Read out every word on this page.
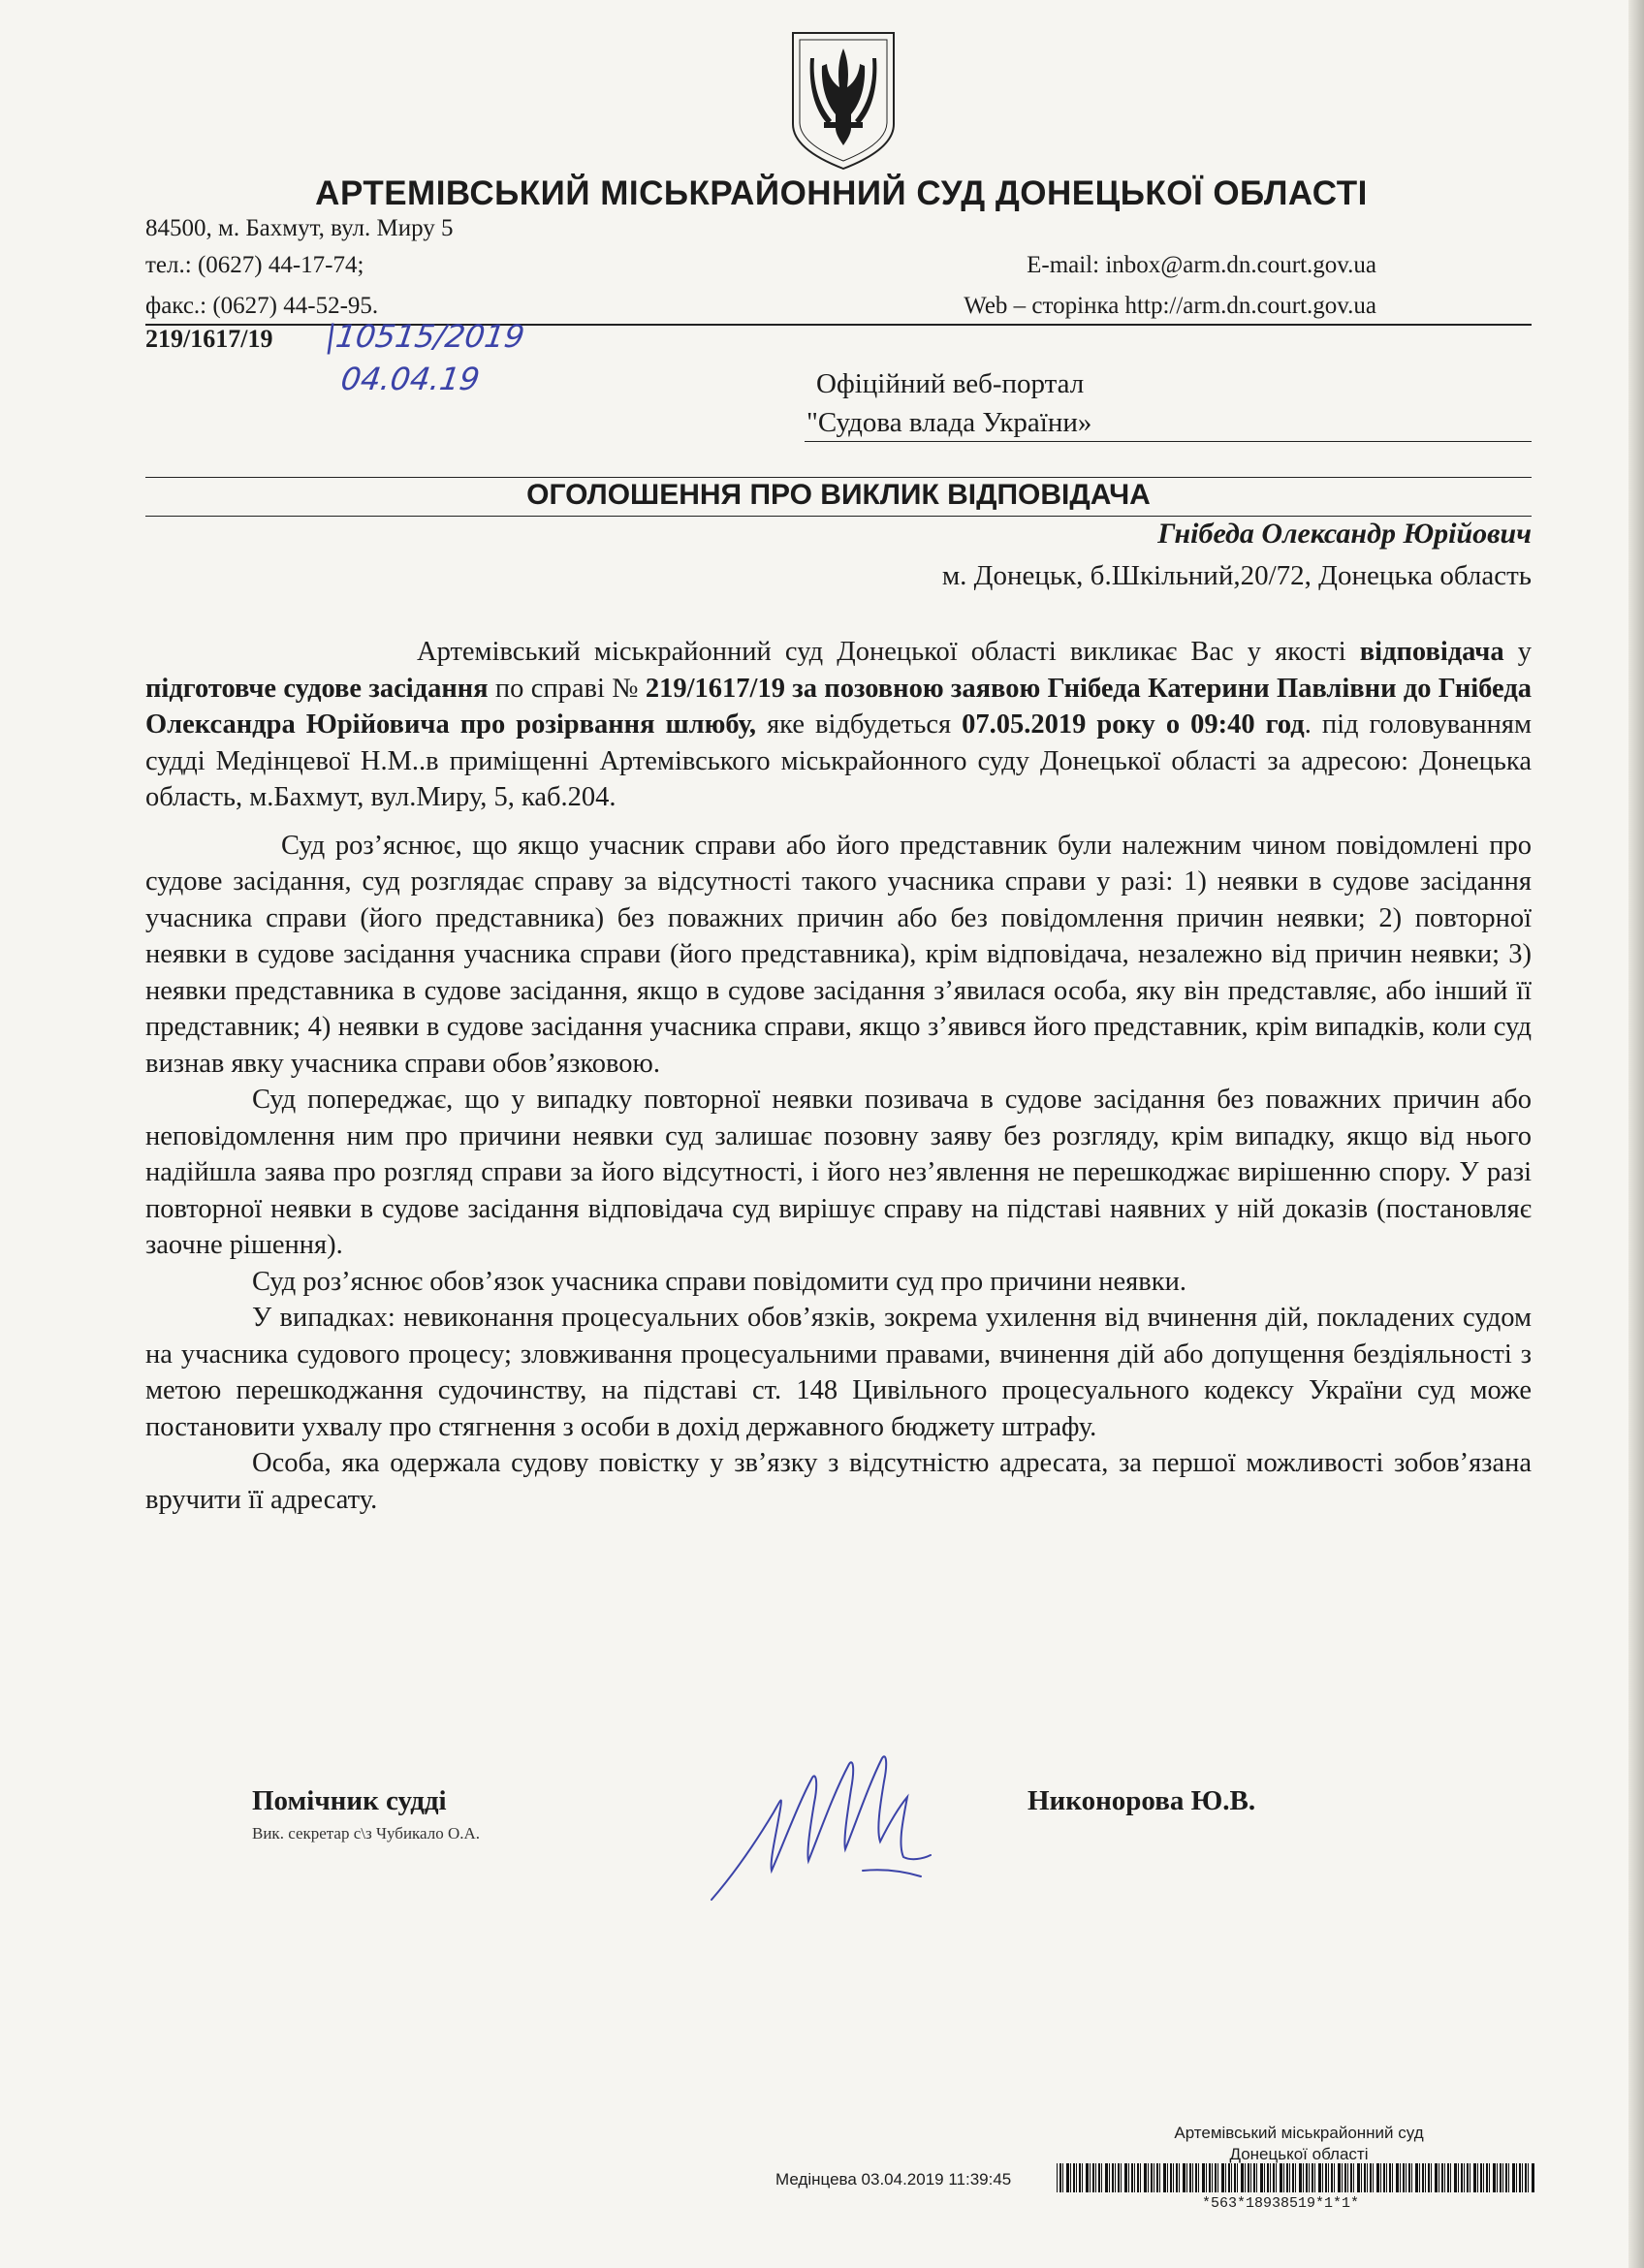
АРТЕМІВСЬКИЙ МІСЬКРАЙОННИЙ СУД ДОНЕЦЬКОЇ ОБЛАСТІ
84500, м. Бахмут, вул. Миру 5
тел.: (0627) 44-17-74;
факс.: (0627) 44-52-95.
E-mail: inbox@arm.dn.court.gov.ua
Web – сторінка http://arm.dn.court.gov.ua
219/1617/19 |10515/2019
04.04.19	Офіційний веб-портал
"Судова влада України»
ОГОЛОШЕННЯ ПРО ВИКЛИК ВІДПОВІДАЧА
Гнібеда Олександр Юрійович
м. Донецьк, б.Шкільний,20/72, Донецька область

Артемівський міськрайонний суд Донецької області викликає Вас у якості відповідача у підготовче судове засідання по справі № 219/1617/19 за позовною заявою Гнібеда Катерини Павлівни до Гнібеда Олександра Юрійовича про розірвання шлюбу, яке відбудеться 07.05.2019 року о 09:40 год. під головуванням судді Медінцевої Н.М..в приміщенні Артемівського міськрайонного суду Донецької області за адресою: Донецька область, м.Бахмут, вул.Миру, 5, каб.204.

Суд роз’яснює, що якщо учасник справи або його представник були належним чином повідомлені про судове засідання, суд розглядає справу за відсутності такого учасника справи у разі: 1) неявки в судове засідання учасника справи (його представника) без поважних причин або без повідомлення причин неявки; 2) повторної неявки в судове засідання учасника справи (його представника), крім відповідача, незалежно від причин неявки; 3) неявки представника в судове засідання, якщо в судове засідання з’явилася особа, яку він представляє, або інший її представник; 4) неявки в судове засідання учасника справи, якщо з’явився його представник, крім випадків, коли суд визнав явку учасника справи обов’язковою.

Суд попереджає, що у випадку повторної неявки позивача в судове засідання без поважних причин або неповідомлення ним про причини неявки суд залишає позовну заяву без розгляду, крім випадку, якщо від нього надійшла заява про розгляд справи за його відсутності, і його нез’явлення не перешкоджає вирішенню спору. У разі повторної неявки в судове засідання відповідача суд вирішує справу на підставі наявних у ній доказів (постановляє заочне рішення).

Суд роз’яснює обов’язок учасника справи повідомити суд про причини неявки.

У випадках: невиконання процесуальних обов’язків, зокрема ухилення від вчинення дій, покладених судом на учасника судового процесу; зловживання процесуальними правами, вчинення дій або допущення бездіяльності з метою перешкоджання судочинству, на підставі ст. 148 Цивільного процесуального кодексу України суд може постановити ухвалу про стягнення з особи в дохід державного бюджету штрафу.

Особа, яка одержала судову повістку у зв’язку з відсутністю адресата, за першої можливості зобов’язана вручити її адресату.

Помічник судді
Вик. секретар с\з Чубикало О.А.
Никонорова Ю.В.
Артемівський міськрайонний суд
Донецької області
Медінцева 03.04.2019 11:39:45
*563*18938519*1*1*
